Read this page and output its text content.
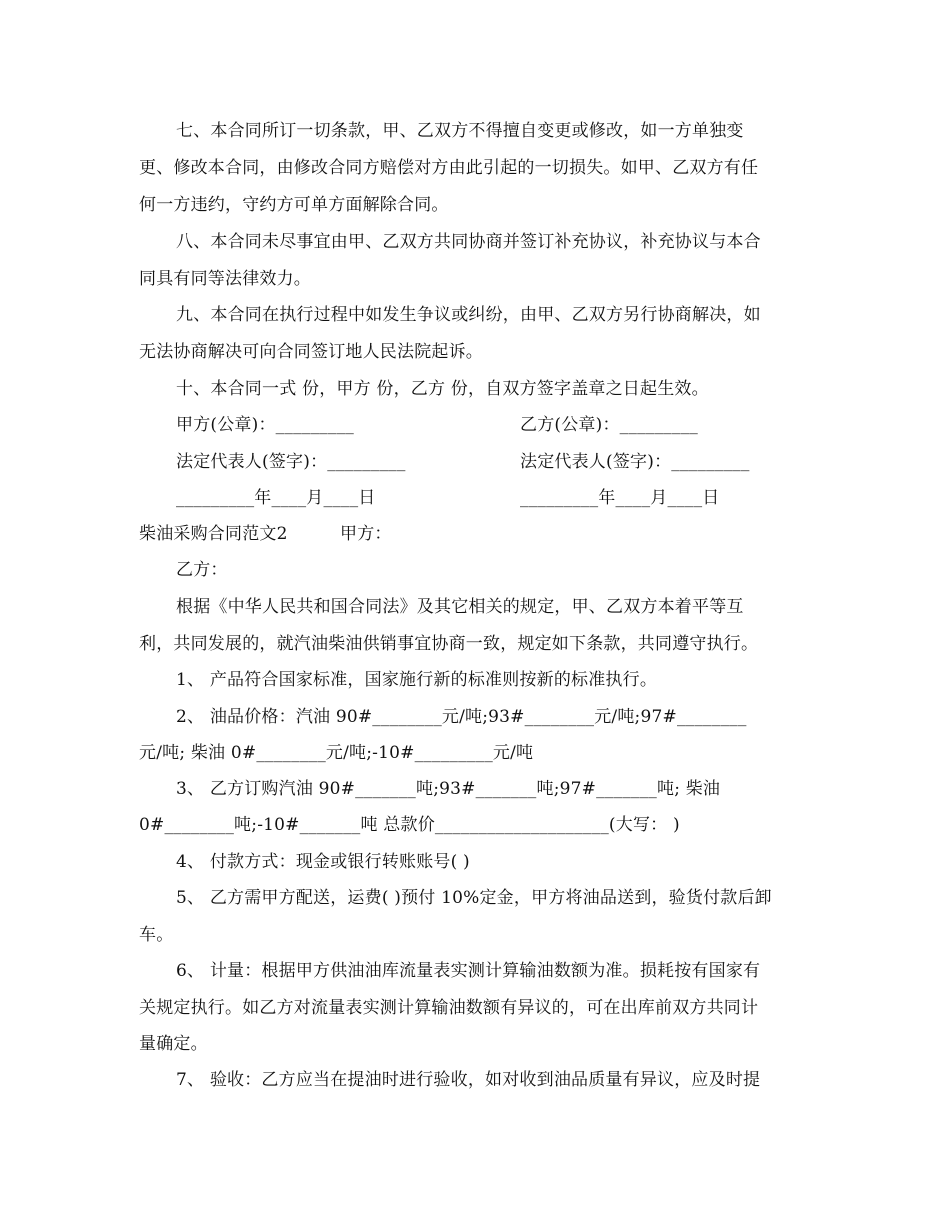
七、本合同所订一切条款，甲、乙双方不得擅自变更或修改，如一方单独变
更、修改本合同，由修改合同方赔偿对方由此引起的一切损失。如甲、乙双方有任
何一方违约，守约方可单方面解除合同。
八、本合同未尽事宜由甲、乙双方共同协商并签订补充协议，补充协议与本合
同具有同等法律效力。
九、本合同在执行过程中如发生争议或纠纷，由甲、乙双方另行协商解决，如
无法协商解决可向合同签订地人民法院起诉。
十、本合同一式 份，甲方 份，乙方 份，自双方签字盖章之日起生效。
甲方(公章)：_________	乙方(公章)：_________
法定代表人(签字)：_________	法定代表人(签字)：_________
_________年____月____日	_________年____月____日
柴油采购合同范文2	甲方：
乙方：
根据《中华人民共和国合同法》及其它相关的规定，甲、乙双方本着平等互
利，共同发展的，就汽油柴油供销事宜协商一致，规定如下条款，共同遵守执行。
1、 产品符合国家标准，国家施行新的标准则按新的标准执行。
2、 油品价格：汽油 90#________元/吨;93#________元/吨;97#________
元/吨; 柴油 0#________元/吨;-10#_________元/吨
3、 乙方订购汽油 90#_______吨;93#_______吨;97#_______吨; 柴油
0#________吨;-10#_______吨 总款价____________________(大写： )
4、 付款方式：现金或银行转账账号( )
5、 乙方需甲方配送，运费( )预付 10%定金，甲方将油品送到，验货付款后卸
车。
6、 计量：根据甲方供油油库流量表实测计算输油数额为准。损耗按有国家有
关规定执行。如乙方对流量表实测计算输油数额有异议的，可在出库前双方共同计
量确定。
7、 验收：乙方应当在提油时进行验收，如对收到油品质量有异议，应及时提
